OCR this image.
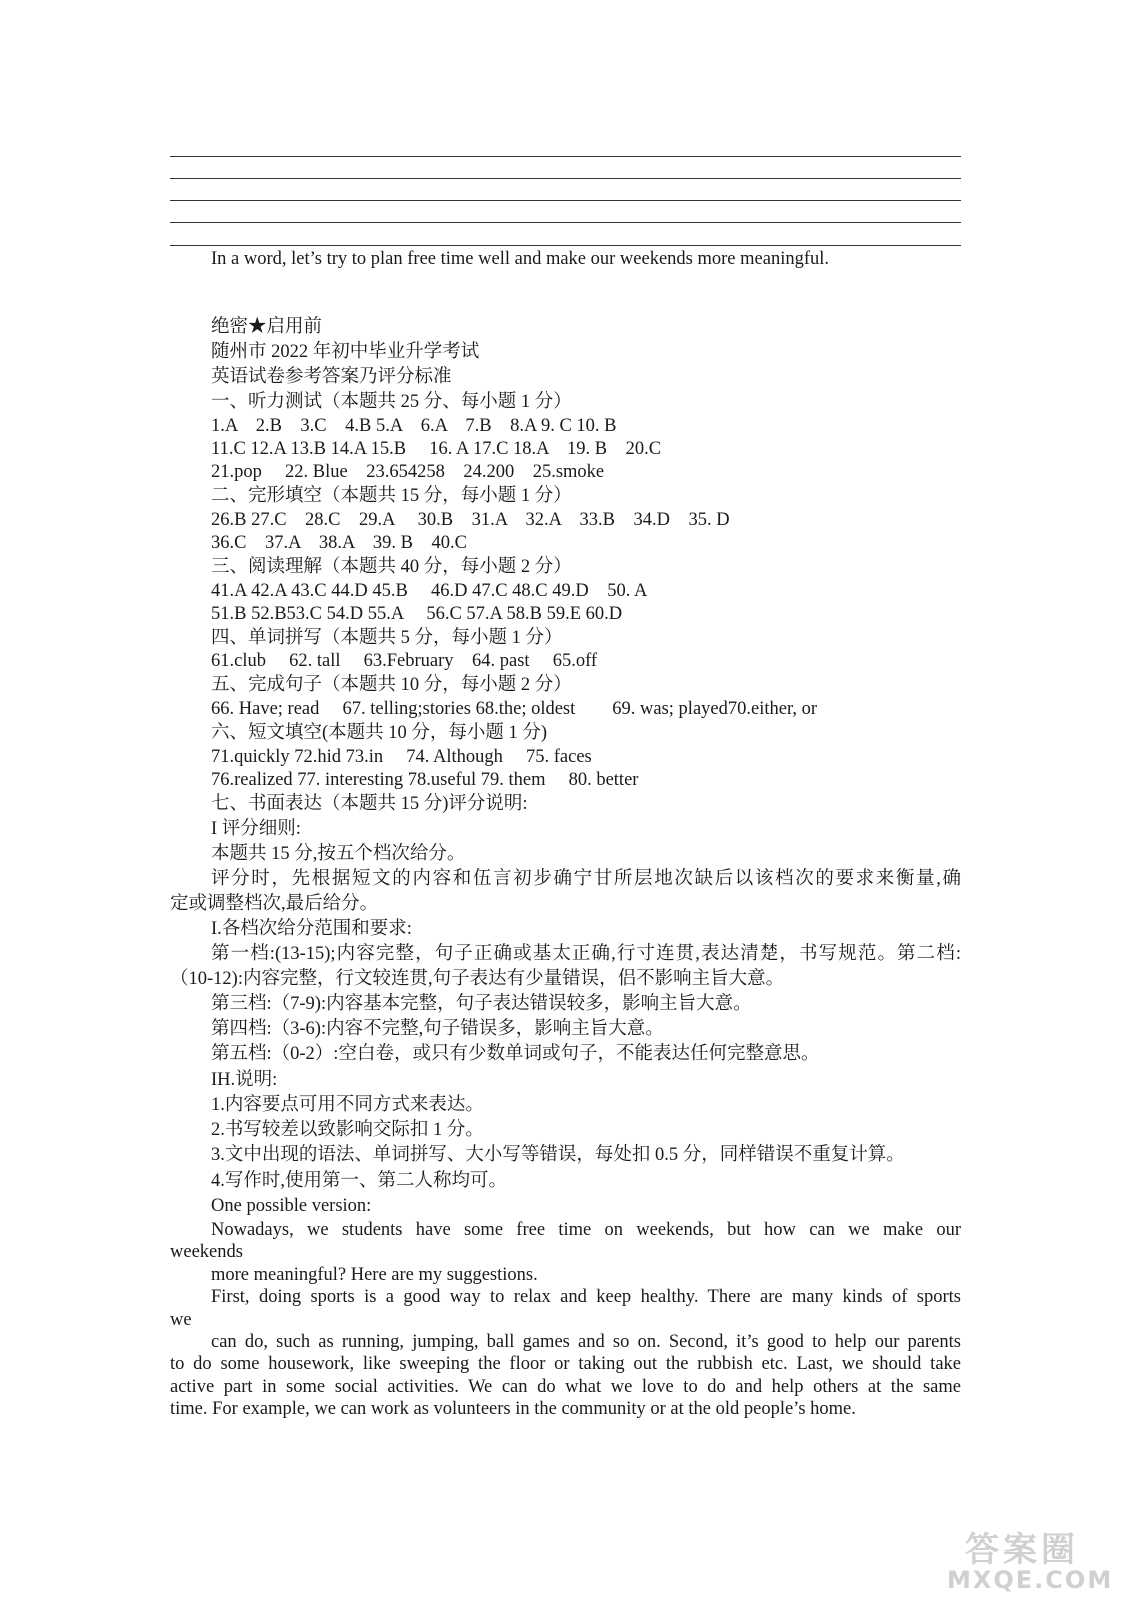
In a word, let’s try to plan free time well and make our weekends more meaningful.
绝密★启用前
随州市 2022 年初中毕业升学考试
英语试卷参考答案乃评分标准
一、听力测试（本题共 25 分、每小题 1 分）
1.A　2.B　3.C　4.B 5.A　6.A　7.B　8.A 9. C 10. B
11.C 12.A 13.B 14.A 15.B　 16. A 17.C 18.A　19. B　20.C
21.pop　 22. Blue　23.654258　24.200　25.smoke
二、完形填空（本题共 15 分，每小题 1 分）
26.B 27.C　28.C　29.A　 30.B　31.A　32.A　33.B　34.D　35. D
36.C　37.A　38.A　39. B　40.C
三、阅读理解（本题共 40 分，每小题 2 分）
41.A 42.A 43.C 44.D 45.B　 46.D 47.C 48.C 49.D　50. A
51.B 52.B53.C 54.D 55.A　 56.C 57.A 58.B 59.E 60.D
四、单词拼写（本题共 5 分，每小题 1 分）
61.club　 62. tall　 63.February　64. past　 65.off
五、完成句子（本题共 10 分，每小题 2 分）
66. Have; read　 67. telling;stories 68.the; oldest　　69. was; played70.either, or
六、短文填空(本题共 10 分，每小题 1 分)
71.quickly 72.hid 73.in　 74. Although　 75. faces
76.realized 77. interesting 78.useful 79. them　 80. better
七、书面表达（本题共 15 分)评分说明:
I 评分细则:
本题共 15 分,按五个档次给分。
评分时，先根据短文的内容和伍言初步确宁甘所层地次缺后以该档次的要求来衡量,确
定或调整档次,最后给分。
I.各档次给分范围和要求:
第一档:(13-15);内容完整，句子正确或基太正确,行寸连贯,表达清楚，书写规范。第二档:
（10-12):内容完整，行文较连贯,句子表达有少量错误，侣不影响主旨大意。
第三档:（7-9):内容基本完整，句子表达错误较多，影响主旨大意。
第四档:（3-6):内容不完整,句子错误多，影响主旨大意。
第五档:（0-2）:空白卷，或只有少数单词或句子，不能表达任何完整意思。
IH.说明:
1.内容要点可用不同方式来表达。
2.书写较差以致影响交际扣 1 分。
3.文中出现的语法、单词拼写、大小写等错误，每处扣 0.5 分，同样错误不重复计算。
4.写作时,使用第一、第二人称均可。
One possible version:
Nowadays, we students have some free time on weekends, but how can we make our
weekends
more meaningful? Here are my suggestions.
First, doing sports is a good way to relax and keep healthy. There are many kinds of sports
we
can do, such as running, jumping, ball games and so on. Second, it’s good to help our parents
to do some housework, like sweeping the floor or taking out the rubbish etc. Last, we should take
active part in some social activities. We can do what we love to do and help others at the same
time. For example, we can work as volunteers in the community or at the old people’s home.
答案圈
MXQE.COM
